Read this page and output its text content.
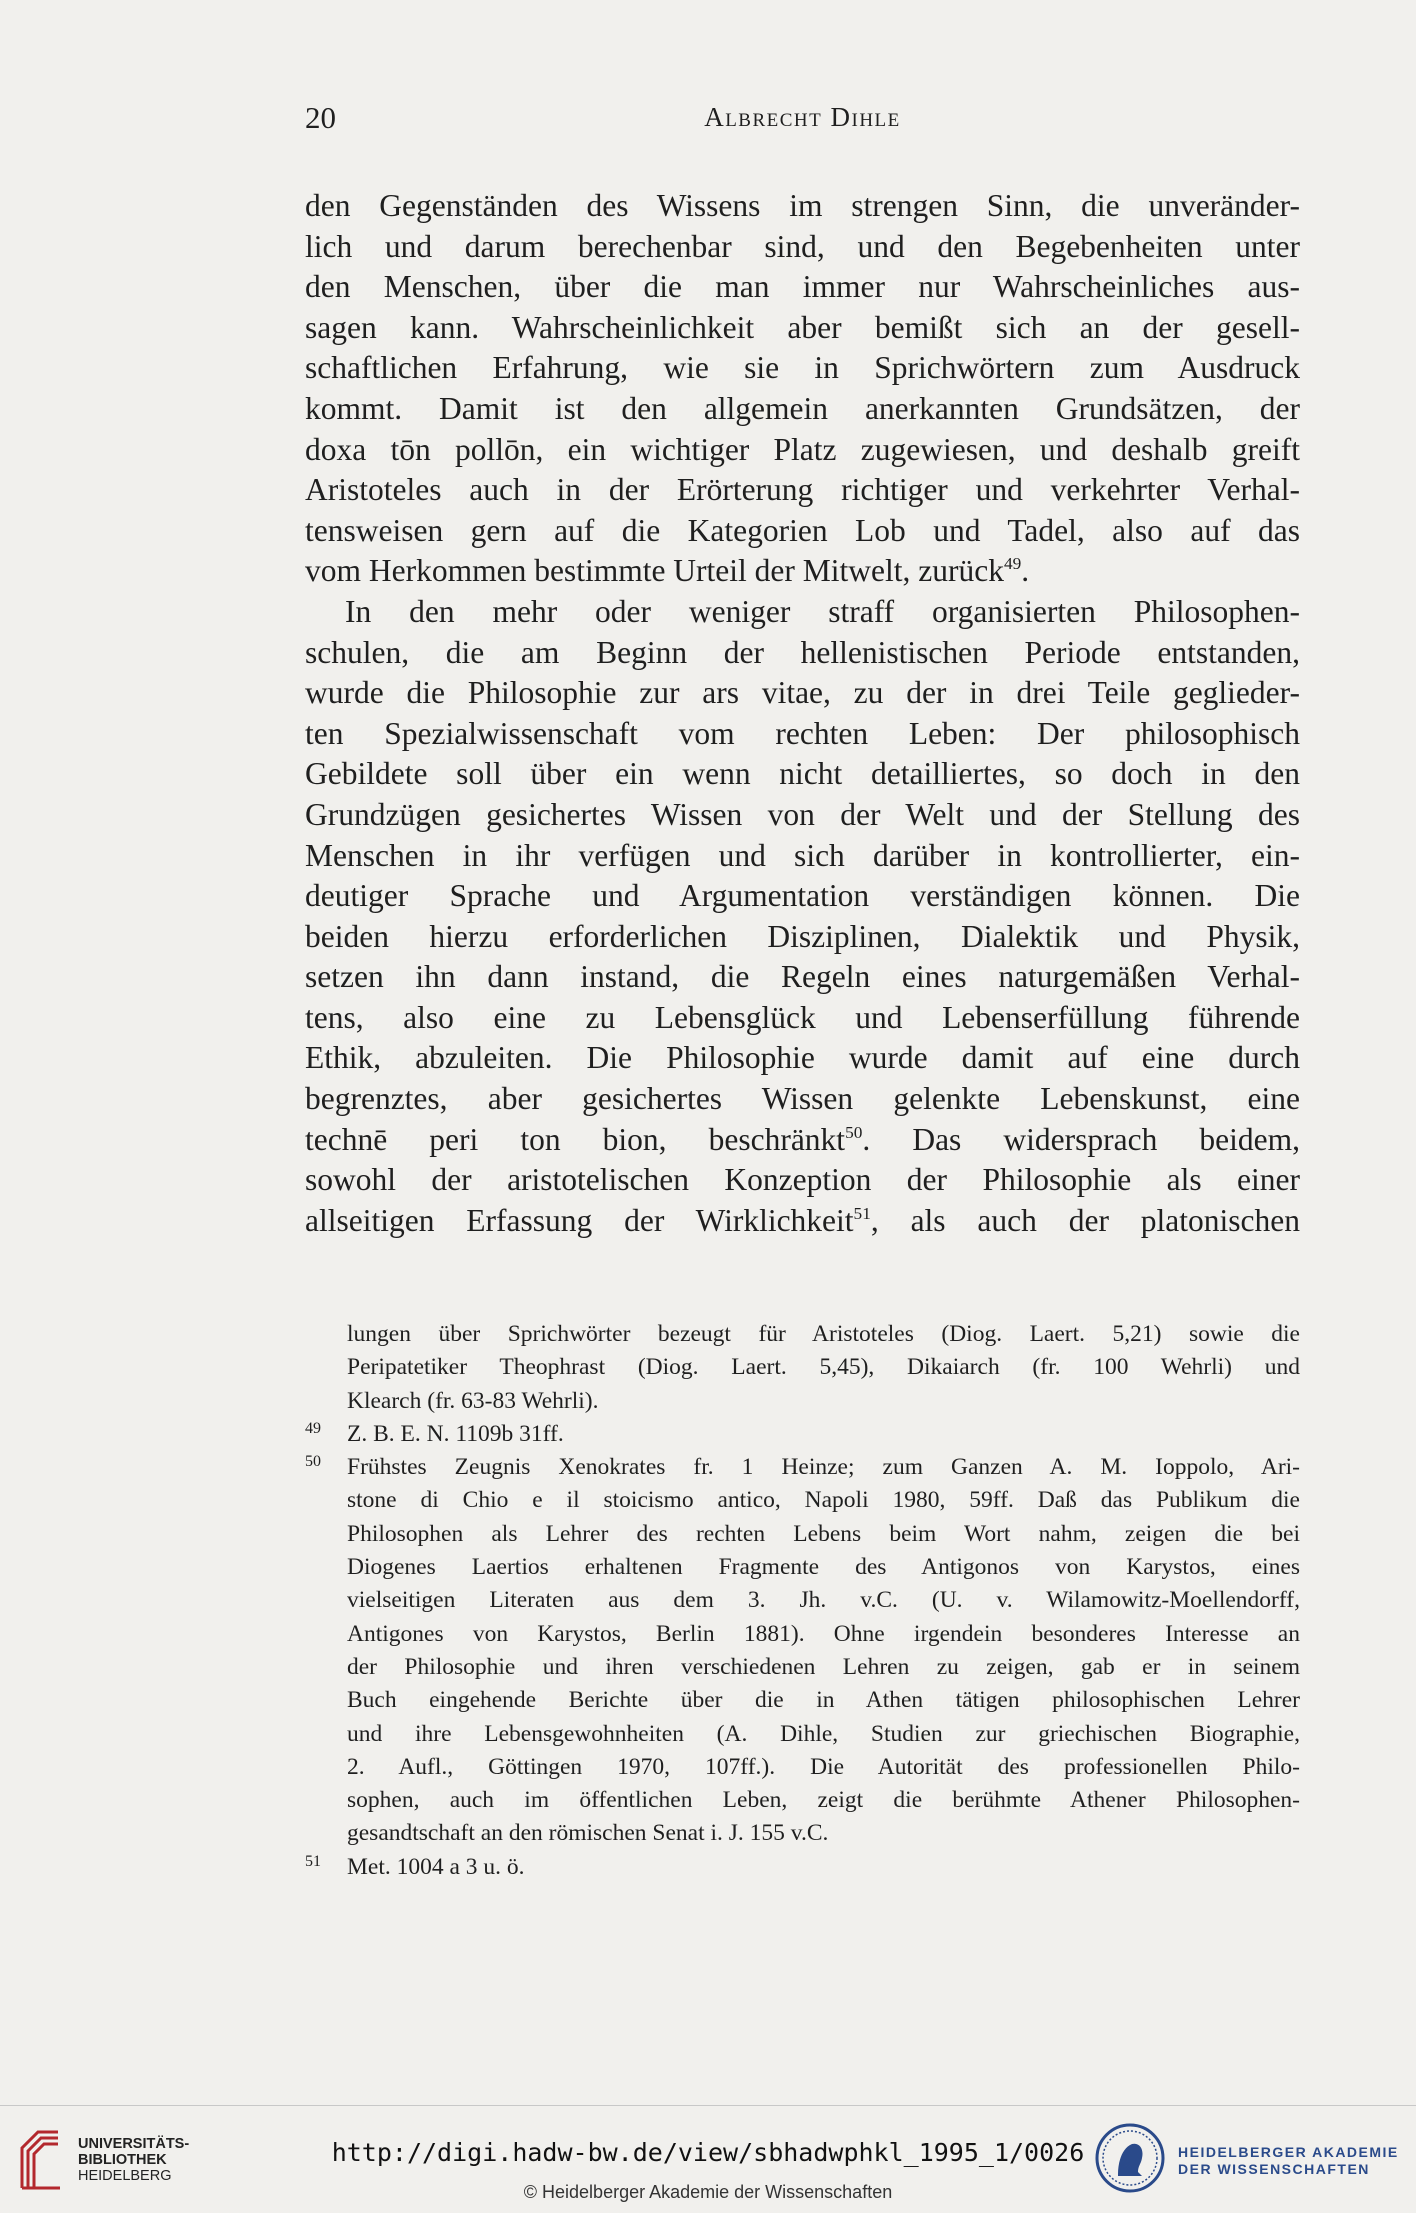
20	Albrecht Dihle
den Gegenständen des Wissens im strengen Sinn, die unveränder-
lich und darum berechenbar sind, und den Begebenheiten unter
den Menschen, über die man immer nur Wahrscheinliches aus-
sagen kann. Wahrscheinlichkeit aber bemißt sich an der gesell-
schaftlichen Erfahrung, wie sie in Sprichwörtern zum Ausdruck
kommt. Damit ist den allgemein anerkannten Grundsätzen, der
doxa tōn pollōn, ein wichtiger Platz zugewiesen, und deshalb greift
Aristoteles auch in der Erörterung richtiger und verkehrter Verhal-
tensweisen gern auf die Kategorien Lob und Tadel, also auf das
vom Herkommen bestimmte Urteil der Mitwelt, zurück$^{49}$.
In den mehr oder weniger straff organisierten Philosophen-
schulen, die am Beginn der hellenistischen Periode entstanden,
wurde die Philosophie zur ars vitae, zu der in drei Teile geglieder-
ten Spezialwissenschaft vom rechten Leben: Der philosophisch
Gebildete soll über ein wenn nicht detailliertes, so doch in den
Grundzügen gesichertes Wissen von der Welt und der Stellung des
Menschen in ihr verfügen und sich darüber in kontrollierter, ein-
deutiger Sprache und Argumentation verständigen können. Die
beiden hierzu erforderlichen Disziplinen, Dialektik und Physik,
setzen ihn dann instand, die Regeln eines naturgemäßen Verhal-
tens, also eine zu Lebensglück und Lebenserfüllung führende
Ethik, abzuleiten. Die Philosophie wurde damit auf eine durch
begrenztes, aber gesichertes Wissen gelenkte Lebenskunst, eine
technē peri ton bion, beschränkt$^{50}$. Das widersprach beidem,
sowohl der aristotelischen Konzeption der Philosophie als einer
allseitigen Erfassung der Wirklichkeit$^{51}$, als auch der platonischen
lungen über Sprichwörter bezeugt für Aristoteles (Diog. Laert. 5,21) sowie die
Peripatetiker Theophrast (Diog. Laert. 5,45), Dikaiarch (fr. 100 Wehrli) und
Klearch (fr. 63-83 Wehrli).
49 Z. B. E. N. 1109b 31ff.
50 Frühstes Zeugnis Xenokrates fr. 1 Heinze; zum Ganzen A. M. Ioppolo, Ari-
stone di Chio e il stoicismo antico, Napoli 1980, 59ff. Daß das Publikum die
Philosophen als Lehrer des rechten Lebens beim Wort nahm, zeigen die bei
Diogenes Laertios erhaltenen Fragmente des Antigonos von Karystos, eines
vielseitigen Literaten aus dem 3. Jh. v.C. (U. v. Wilamowitz-Moellendorff,
Antigones von Karystos, Berlin 1881). Ohne irgendein besonderes Interesse an
der Philosophie und ihren verschiedenen Lehren zu zeigen, gab er in seinem
Buch eingehende Berichte über die in Athen tätigen philosophischen Lehrer
und ihre Lebensgewohnheiten (A. Dihle, Studien zur griechischen Biographie,
2. Aufl., Göttingen 1970, 107ff.). Die Autorität des professionellen Philo-
sophen, auch im öffentlichen Leben, zeigt die berühmte Athener Philosophen-
gesandtschaft an den römischen Senat i. J. 155 v.C.
51 Met. 1004 a 3 u. ö.
UNIVERSITÄTS-
BIBLIOTHEK
HEIDELBERG
http://digi.hadw-bw.de/view/sbhadwphkl_1995_1/0026
© Heidelberger Akademie der Wissenschaften
HEIDELBERGER AKADEMIE
DER WISSENSCHAFTEN
